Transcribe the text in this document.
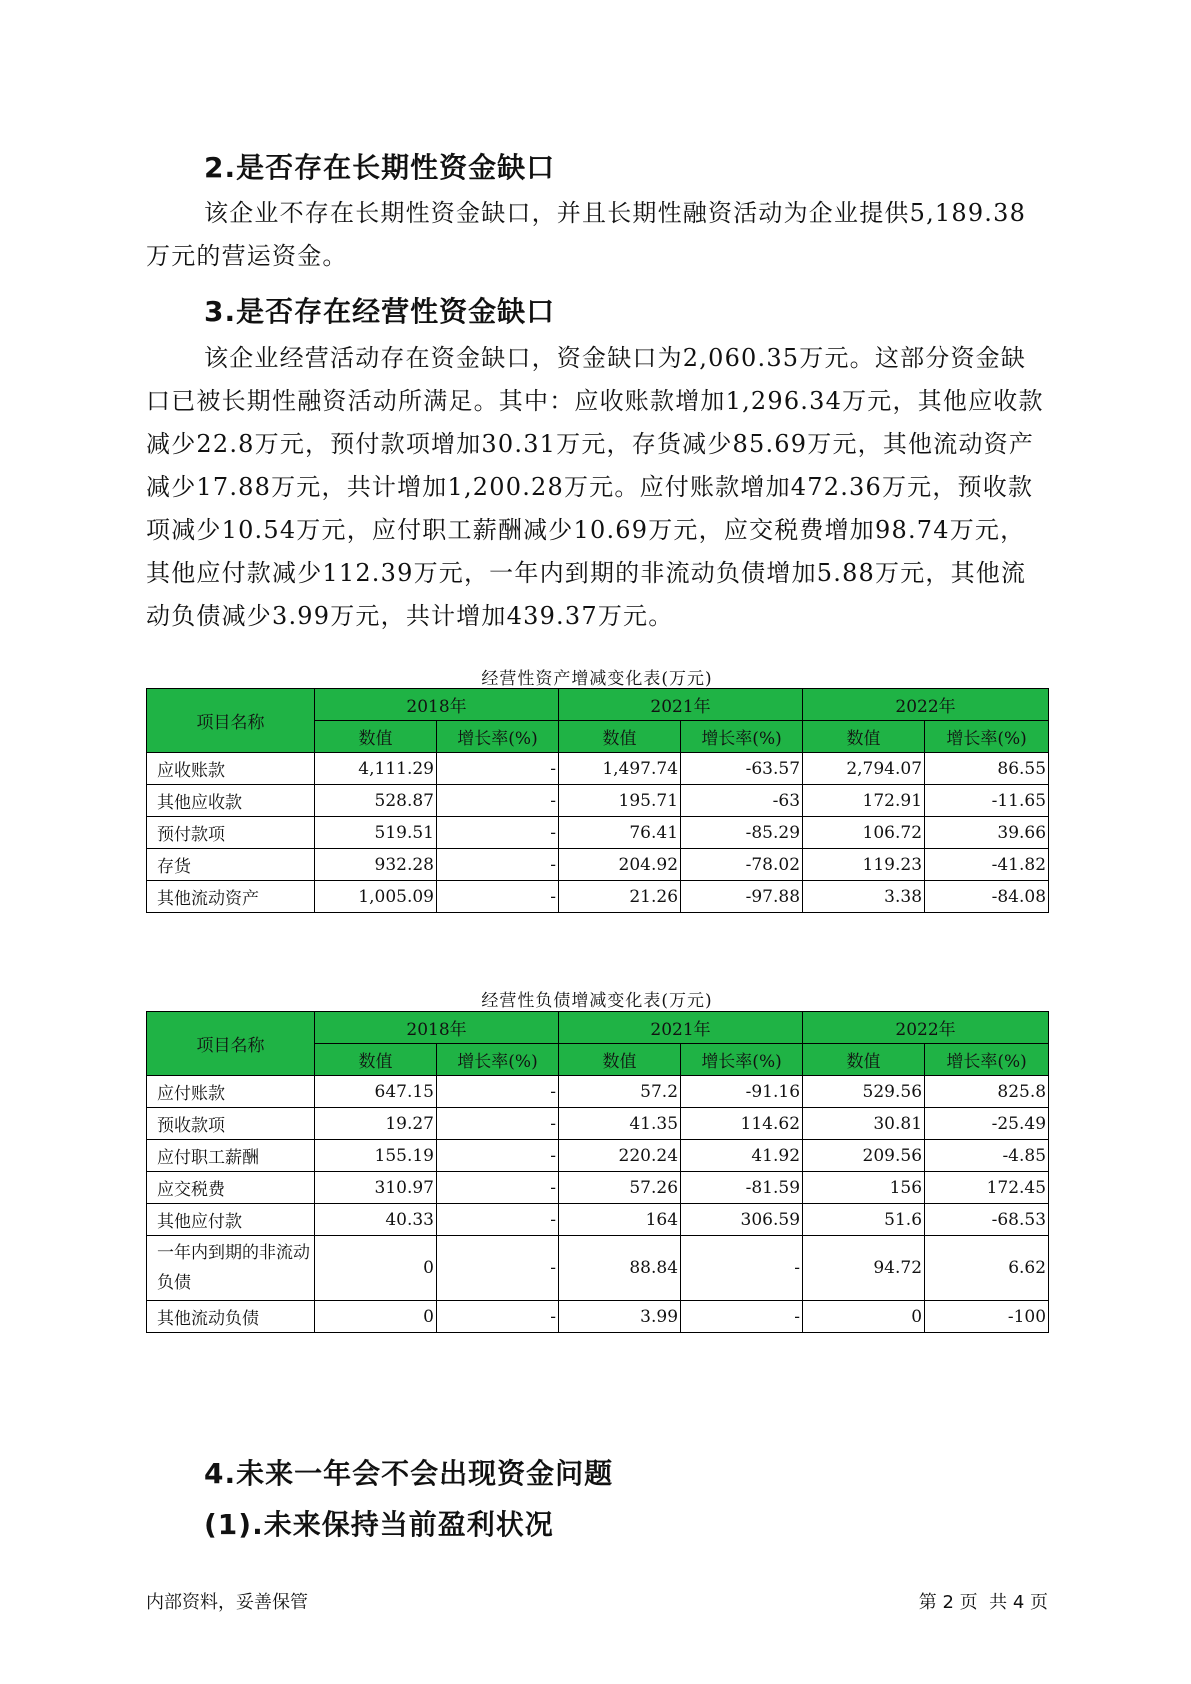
2.是否存在长期性资金缺口

该企业不存在长期性资金缺口，并且长期性融资活动为企业提供5,189.38万元的营运资金。

3.是否存在经营性资金缺口

该企业经营活动存在资金缺口，资金缺口为2,060.35万元。这部分资金缺口已被长期性融资活动所满足。其中：应收账款增加1,296.34万元，其他应收款减少22.8万元，预付款项增加30.31万元，存货减少85.69万元，其他流动资产减少17.88万元，共计增加1,200.28万元。应付账款增加472.36万元，预收款项减少10.54万元，应付职工薪酬减少10.69万元，应交税费增加98.74万元，其他应付款减少112.39万元，一年内到期的非流动负债增加5.88万元，其他流动负债减少3.99万元，共计增加439.37万元。

经营性资产增减变化表(万元)
项目名称	2018年		2021年		2022年	
	数值	增长率(%)	数值	增长率(%)	数值	增长率(%)
应收账款	4,111.29	-	1,497.74	-63.57	2,794.07	86.55
其他应收款	528.87	-	195.71	-63	172.91	-11.65
预付款项	519.51	-	76.41	-85.29	106.72	39.66
存货	932.28	-	204.92	-78.02	119.23	-41.82
其他流动资产	1,005.09	-	21.26	-97.88	3.38	-84.08
经营性负债增减变化表(万元)
项目名称	2018年		2021年		2022年	
	数值	增长率(%)	数值	增长率(%)	数值	增长率(%)
应付账款	647.15	-	57.2	-91.16	529.56	825.8
预收款项	19.27	-	41.35	114.62	30.81	-25.49
应付职工薪酬	155.19	-	220.24	41.92	209.56	-4.85
应交税费	310.97	-	57.26	-81.59	156	172.45
其他应付款	40.33	-	164	306.59	51.6	-68.53
一年内到期的非流动负债	0	-	88.84	-	94.72	6.62
其他流动负债	0	-	3.99	-	0	-100
4.未来一年会不会出现资金问题
(1).未来保持当前盈利状况
内部资料，妥善保管	第 2 页  共 4 页
